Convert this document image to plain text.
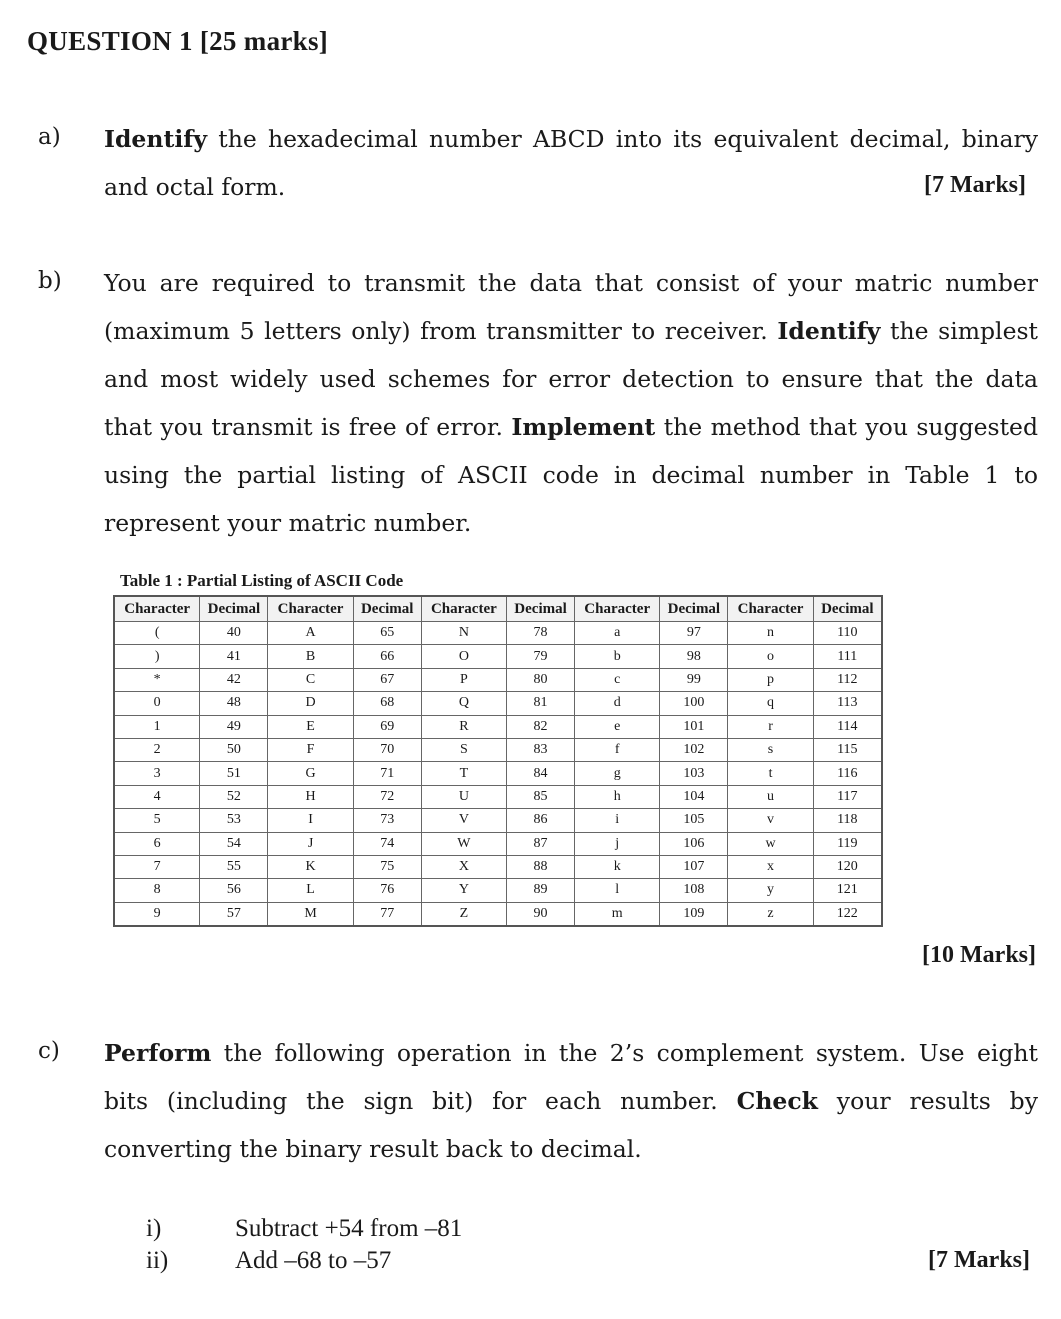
QUESTION 1 [25 marks]
a) Identify the hexadecimal number ABCD into its equivalent decimal, binary and octal form.	[7 Marks]
b) You are required to transmit the data that consist of your matric number (maximum 5 letters only) from transmitter to receiver. Identify the simplest and most widely used schemes for error detection to ensure that the data that you transmit is free of error. Implement the method that you suggested using the partial listing of ASCII code in decimal number in Table 1 to represent your matric number.
Table 1 : Partial Listing of ASCII Code
Character	Decimal	Character	Decimal	Character	Decimal	Character	Decimal	Character	Decimal
(	40	A	65	N	78	a	97	n	110
)	41	B	66	O	79	b	98	o	111
*	42	C	67	P	80	c	99	p	112
0	48	D	68	Q	81	d	100	q	113
1	49	E	69	R	82	e	101	r	114
2	50	F	70	S	83	f	102	s	115
3	51	G	71	T	84	g	103	t	116
4	52	H	72	U	85	h	104	u	117
5	53	I	73	V	86	i	105	v	118
6	54	J	74	W	87	j	106	w	119
7	55	K	75	X	88	k	107	x	120
8	56	L	76	Y	89	l	108	y	121
9	57	M	77	Z	90	m	109	z	122
[10 Marks]
c) Perform the following operation in the 2’s complement system. Use eight bits (including the sign bit) for each number. Check your results by converting the binary result back to decimal.
i)	Subtract +54 from –81
ii)	Add –68 to –57	[7 Marks]
